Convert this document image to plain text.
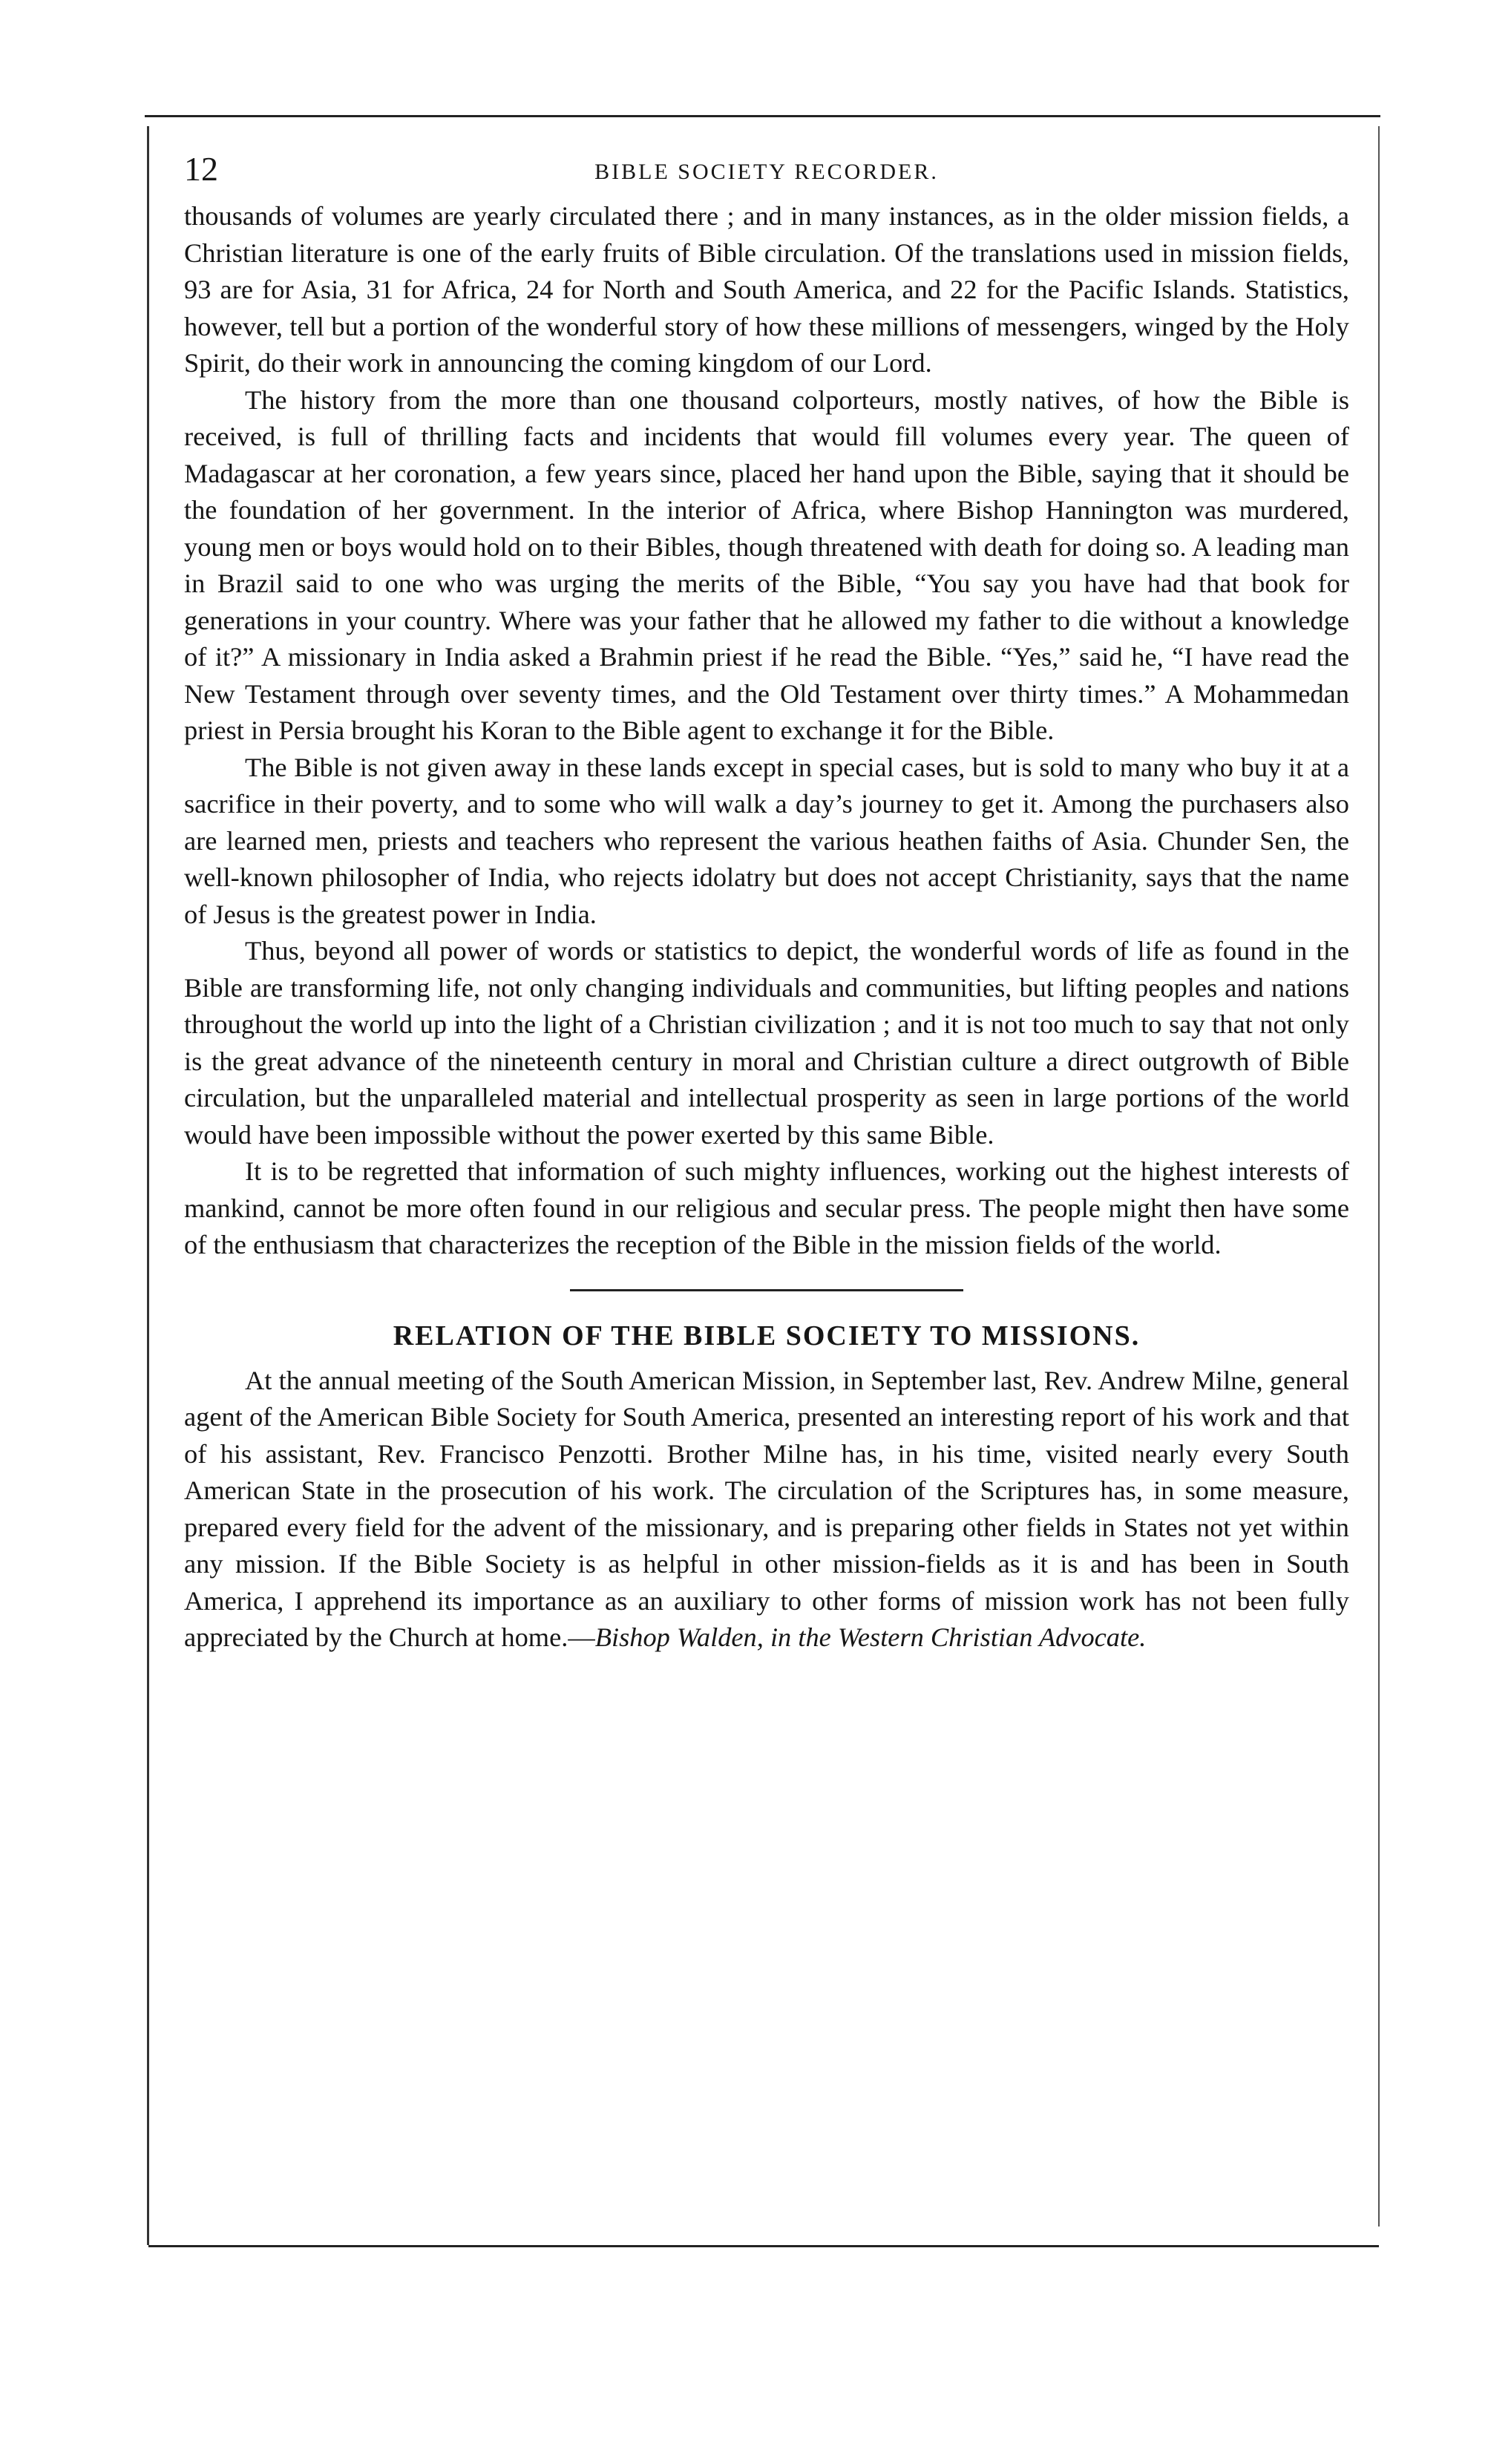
12	BIBLE SOCIETY RECORDER.

thousands of volumes are yearly circulated there ; and in many instances, as in the older mission fields, a Christian literature is one of the early fruits of Bible circulation. Of the translations used in mission fields, 93 are for Asia, 31 for Africa, 24 for North and South America, and 22 for the Pacific Islands. Statistics, however, tell but a portion of the wonderful story of how these millions of messengers, winged by the Holy Spirit, do their work in announcing the coming kingdom of our Lord.

The history from the more than one thousand colporteurs, mostly natives, of how the Bible is received, is full of thrilling facts and incidents that would fill volumes every year. The queen of Madagascar at her coronation, a few years since, placed her hand upon the Bible, saying that it should be the foundation of her government. In the interior of Africa, where Bishop Hannington was murdered, young men or boys would hold on to their Bibles, though threatened with death for doing so. A leading man in Brazil said to one who was urging the merits of the Bible, “You say you have had that book for generations in your country. Where was your father that he allowed my father to die without a knowledge of it?” A missionary in India asked a Brahmin priest if he read the Bible. “Yes,” said he, “I have read the New Testament through over seventy times, and the Old Testament over thirty times.” A Mohammedan priest in Persia brought his Koran to the Bible agent to exchange it for the Bible.

The Bible is not given away in these lands except in special cases, but is sold to many who buy it at a sacrifice in their poverty, and to some who will walk a day’s journey to get it. Among the purchasers also are learned men, priests and teachers who represent the various heathen faiths of Asia. Chunder Sen, the well-known philosopher of India, who rejects idolatry but does not accept Christianity, says that the name of Jesus is the greatest power in India.

Thus, beyond all power of words or statistics to depict, the wonderful words of life as found in the Bible are transforming life, not only changing individuals and communities, but lifting peoples and nations throughout the world up into the light of a Christian civilization ; and it is not too much to say that not only is the great advance of the nineteenth century in moral and Christian culture a direct outgrowth of Bible circulation, but the unparalleled material and intellectual prosperity as seen in large portions of the world would have been impossible without the power exerted by this same Bible.

It is to be regretted that information of such mighty influences, working out the highest interests of mankind, cannot be more often found in our religious and secular press. The people might then have some of the enthusiasm that characterizes the reception of the Bible in the mission fields of the world.

RELATION OF THE BIBLE SOCIETY TO MISSIONS.

At the annual meeting of the South American Mission, in September last, Rev. Andrew Milne, general agent of the American Bible Society for South America, presented an interesting report of his work and that of his assistant, Rev. Francisco Penzotti. Brother Milne has, in his time, visited nearly every South American State in the prosecution of his work. The circulation of the Scriptures has, in some measure, prepared every field for the advent of the missionary, and is preparing other fields in States not yet within any mission. If the Bible Society is as helpful in other mission-fields as it is and has been in South America, I apprehend its importance as an auxiliary to other forms of mission work has not been fully appreciated by the Church at home.—Bishop Walden, in the Western Christian Advocate.
